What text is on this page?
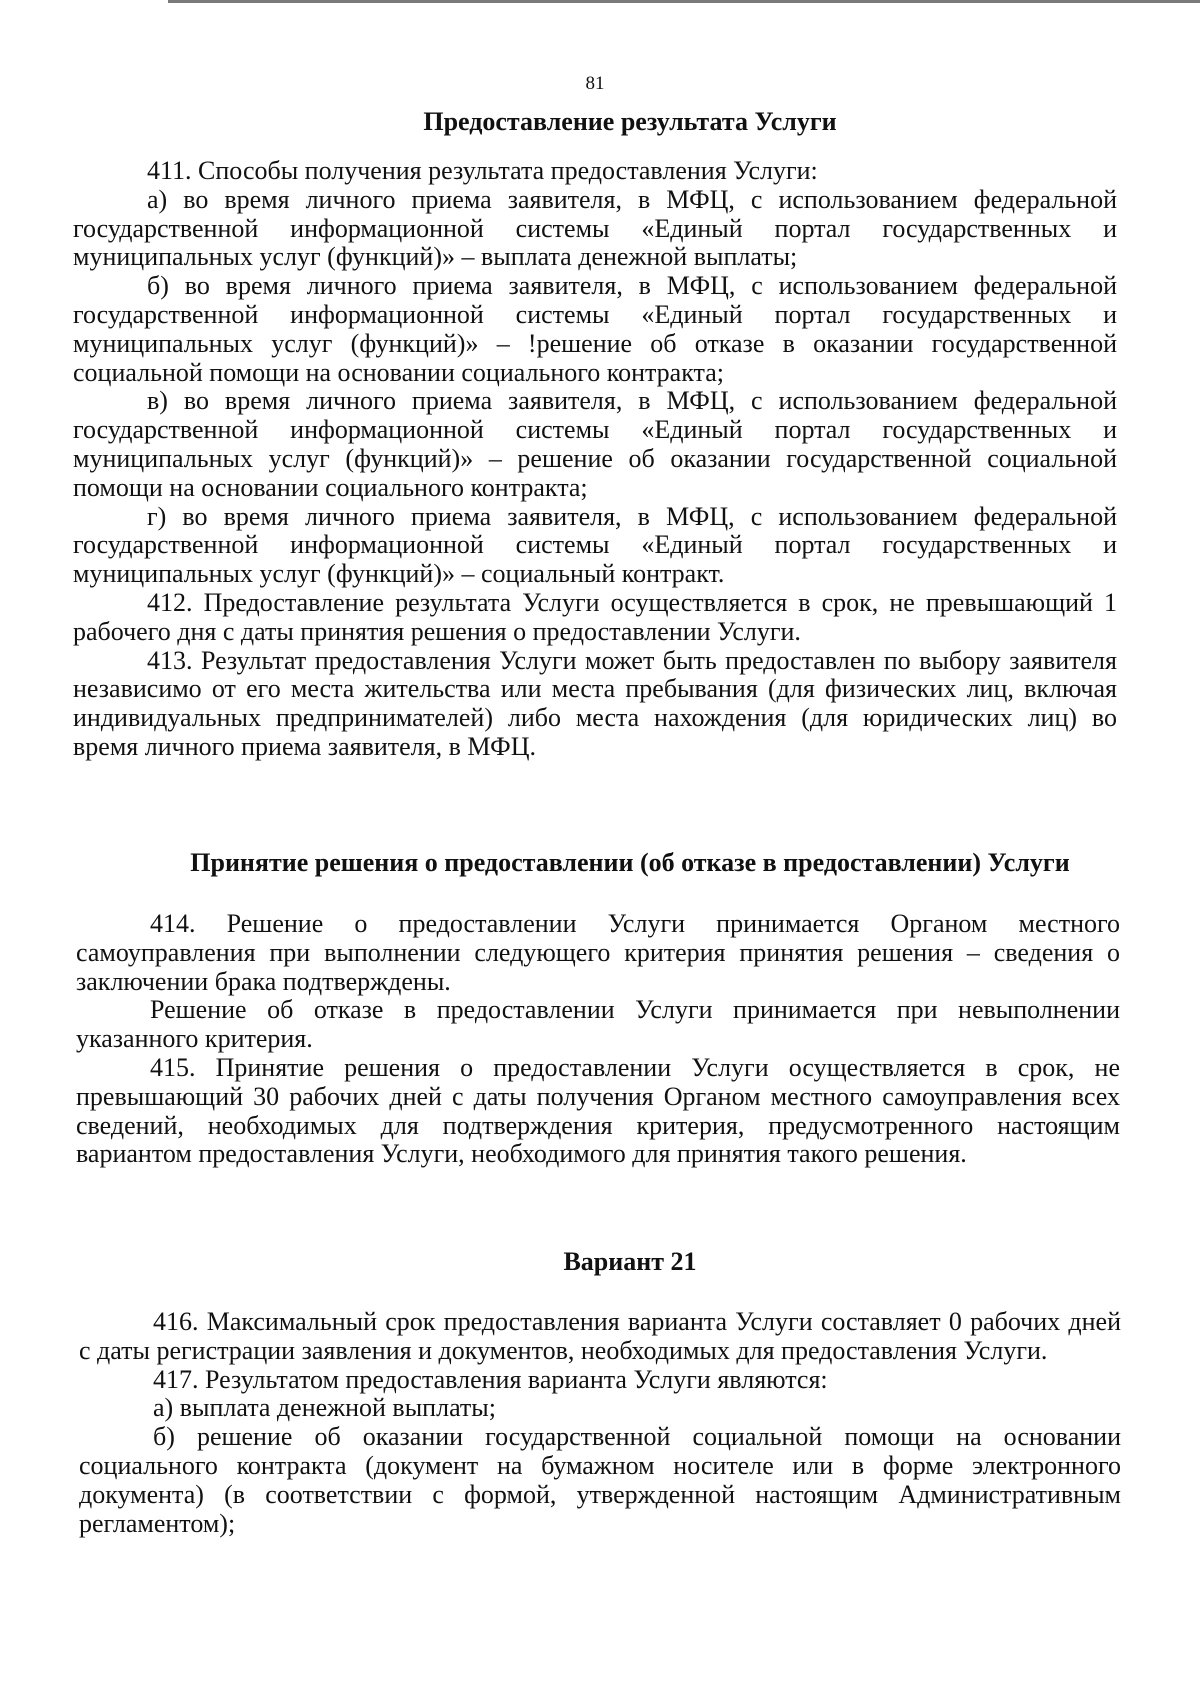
81
Предоставление результата Услуги

411. Способы получения результата предоставления Услуги:

а) во время личного приема заявителя, в МФЦ, с использованием федеральной государственной информационной системы «Единый портал государственных и муниципальных услуг (функций)» – выплата денежной выплаты;

б) во время личного приема заявителя, в МФЦ, с использованием федеральной государственной информационной системы «Единый портал государственных и муниципальных услуг (функций)» – !решение об отказе в оказании государственной социальной помощи на основании социального контракта;

в) во время личного приема заявителя, в МФЦ, с использованием федеральной государственной информационной системы «Единый портал государственных и муниципальных услуг (функций)» – решение об оказании государственной социальной помощи на основании социального контракта;

г) во время личного приема заявителя, в МФЦ, с использованием федеральной государственной информационной системы «Единый портал государственных и муниципальных услуг (функций)» – социальный контракт.

412. Предоставление результата Услуги осуществляется в срок, не превышающий 1 рабочего дня с даты принятия решения о предоставлении Услуги.

413. Результат предоставления Услуги может быть предоставлен по выбору заявителя независимо от его места жительства или места пребывания (для физических лиц, включая индивидуальных предпринимателей) либо места нахождения (для юридических лиц) во время личного приема заявителя, в МФЦ.

Принятие решения о предоставлении (об отказе в предоставлении) Услуги

414. Решение о предоставлении Услуги принимается Органом местного самоуправления при выполнении следующего критерия принятия решения – сведения о заключении брака подтверждены.

Решение об отказе в предоставлении Услуги принимается при невыполнении указанного критерия.

415. Принятие решения о предоставлении Услуги осуществляется в срок, не превышающий 30 рабочих дней с даты получения Органом местного самоуправления всех сведений, необходимых для подтверждения критерия, предусмотренного настоящим вариантом предоставления Услуги, необходимого для принятия такого решения.

Вариант 21

416. Максимальный срок предоставления варианта Услуги составляет 0 рабочих дней с даты регистрации заявления и документов, необходимых для предоставления Услуги.

417. Результатом предоставления варианта Услуги являются:

а) выплата денежной выплаты;

б) решение об оказании государственной социальной помощи на основании социального контракта (документ на бумажном носителе или в форме электронного документа) (в соответствии с формой, утвержденной настоящим Административным регламентом);
